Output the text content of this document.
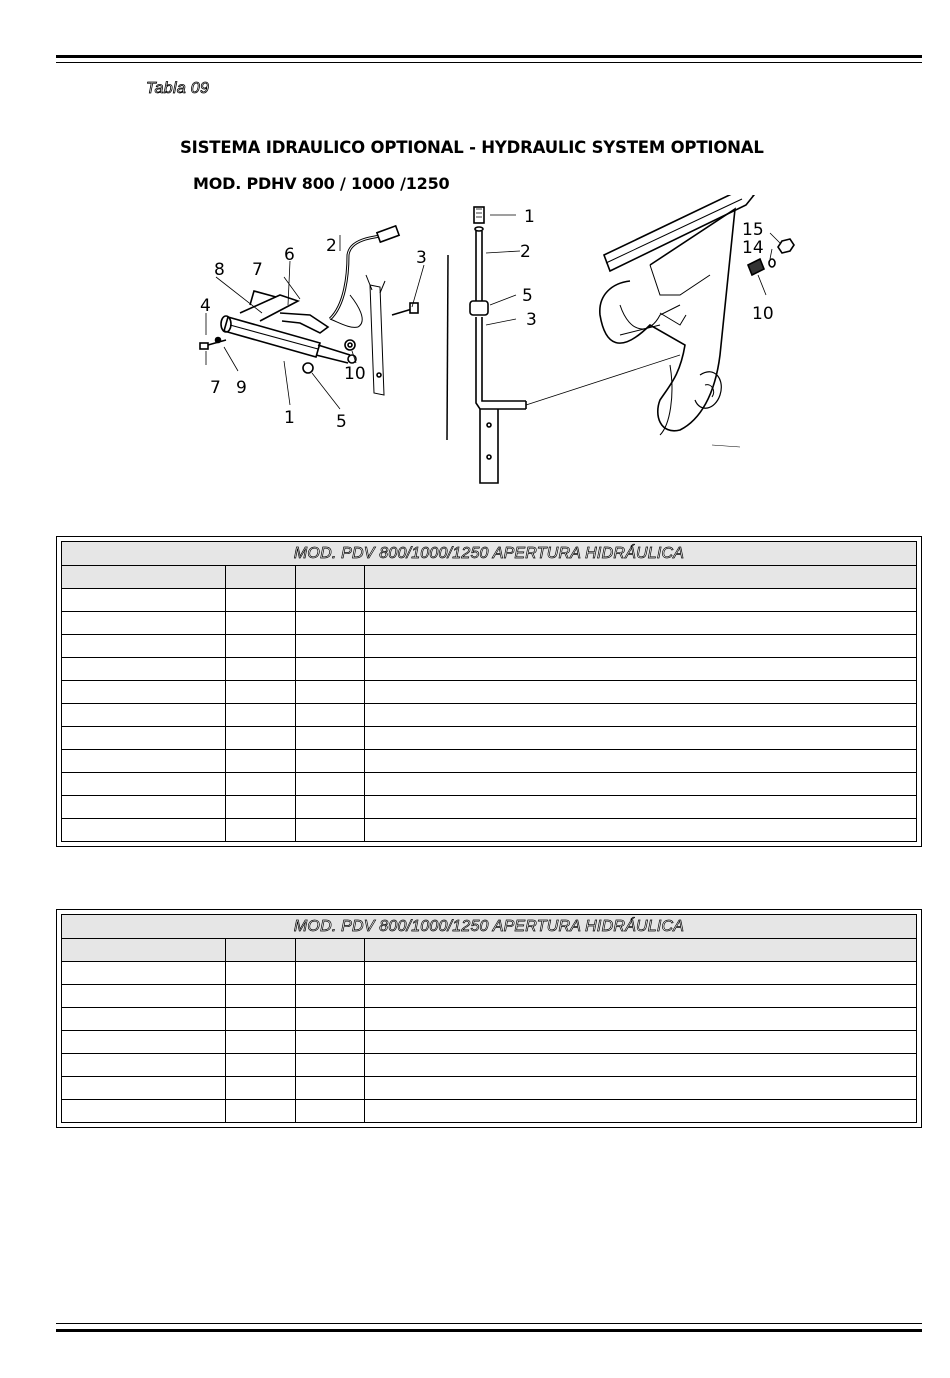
Tabla 09
SISTEMA IDRAULICO OPTIONAL - HYDRAULIC SYSTEM OPTIONAL
MOD. PDHV 800 / 1000 /1250
6
8 7
2
3
4
7 9
10
1 5
1
2
5
3
15
14
10
MOD. PDV 800/1000/1250 APERTURA HIDRÁULICA			

MOD. PDV 800/1000/1250 APERTURA HIDRÁULICA			
